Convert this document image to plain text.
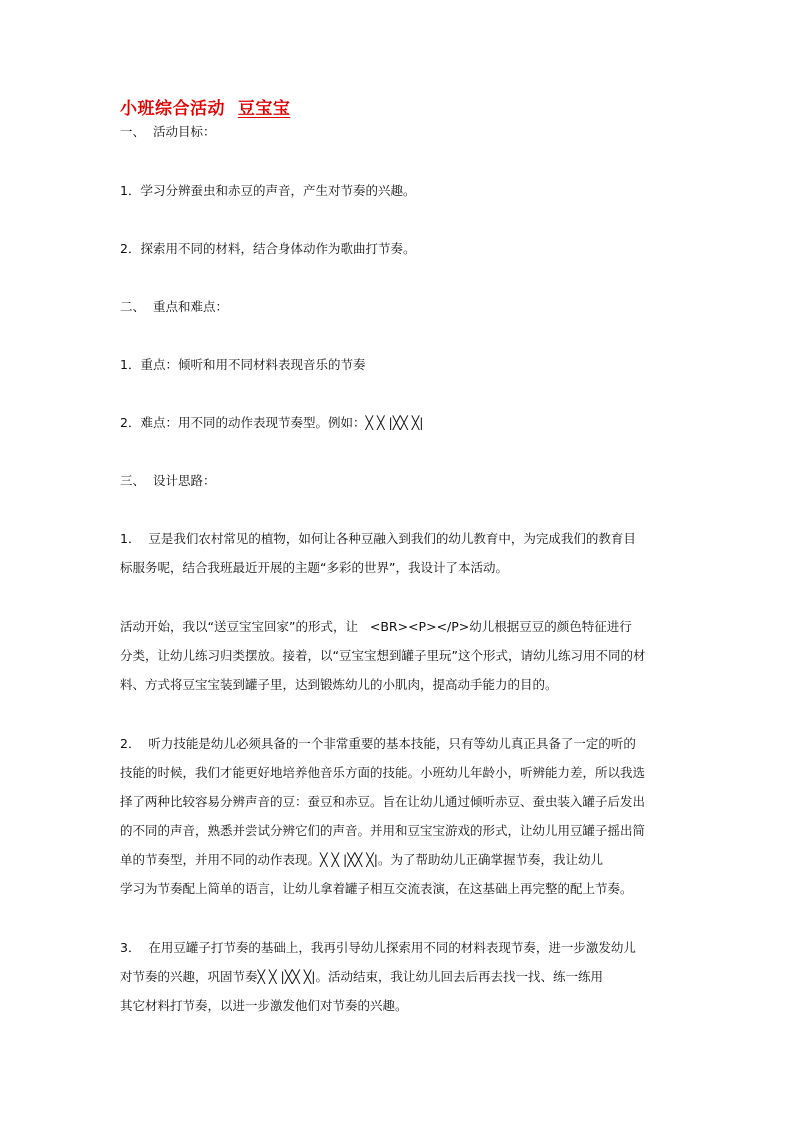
小班综合活动 豆宝宝
一、  活动目标：
1．学习分辨蚕虫和赤豆的声音，产生对节奏的兴趣。
2．探索用不同的材料，结合身体动作为歌曲打节奏。
二、  重点和难点：
1．重点：倾听和用不同材料表现音乐的节奏
2．难点：用不同的动作表现节奏型。例如：╳ ╳ |╳╳ ╳|
三、  设计思路：
1．  豆是我们农村常见的植物，如何让各种豆融入到我们的幼儿教育中，为完成我们的教育目
标服务呢，结合我班最近开展的主题“多彩的世界”，我设计了本活动。
活动开始，我以“送豆宝宝回家”的形式，让   <BR><P></P>幼儿根据豆豆的颜色特征进行
分类，让幼儿练习归类摆放。接着，以“豆宝宝想到罐子里玩”这个形式，请幼儿练习用不同的材
料、方式将豆宝宝装到罐子里，达到锻炼幼儿的小肌肉，提高动手能力的目的。
2．  听力技能是幼儿必须具备的一个非常重要的基本技能，只有等幼儿真正具备了一定的听的
技能的时候，我们才能更好地培养他音乐方面的技能。小班幼儿年龄小，听辨能力差，所以我选
择了两种比较容易分辨声音的豆：蚕豆和赤豆。旨在让幼儿通过倾听赤豆、蚕虫装入罐子后发出
的不同的声音，熟悉并尝试分辨它们的声音。并用和豆宝宝游戏的形式，让幼儿用豆罐子摇出简
单的节奏型，并用不同的动作表现。╳ ╳ |╳╳ ╳|。为了帮助幼儿正确掌握节奏，我让幼儿
学习为节奏配上简单的语言，让幼儿拿着罐子相互交流表演，在这基础上再完整的配上节奏。
3．  在用豆罐子打节奏的基础上，我再引导幼儿探索用不同的材料表现节奏，进一步激发幼儿
对节奏的兴趣，巩固节奏╳ ╳ |╳╳ ╳|。活动结束，我让幼儿回去后再去找一找、练一练用
其它材料打节奏，以进一步激发他们对节奏的兴趣。
